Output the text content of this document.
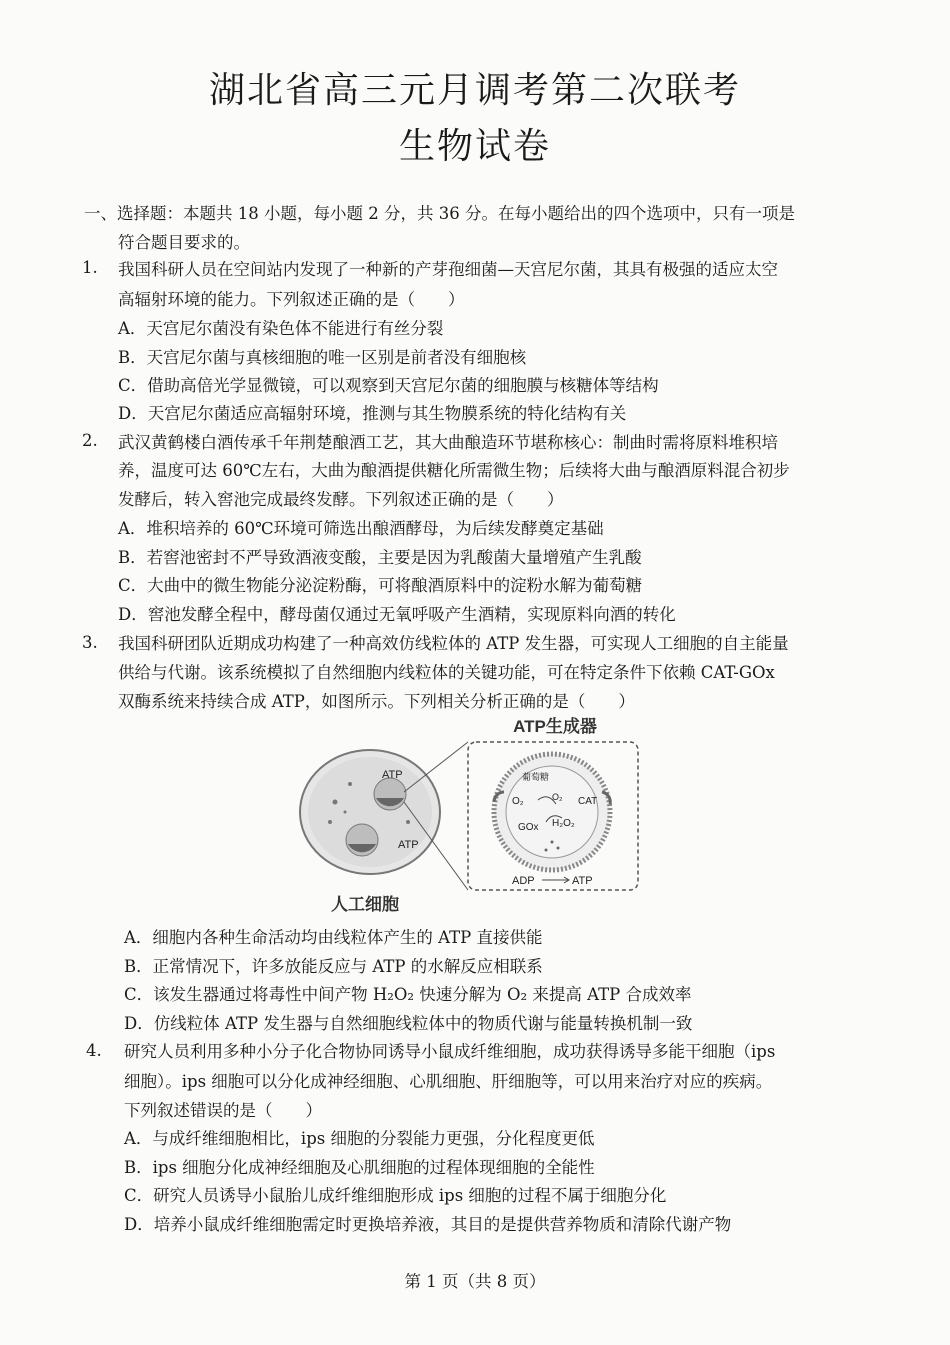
湖北省高三元月调考第二次联考
生物试卷
一、选择题：本题共 18 小题，每小题 2 分，共 36 分。在每小题给出的四个选项中，只有一项是
符合题目要求的。
1. 我国科研人员在空间站内发现了一种新的产芽孢细菌—天宫尼尔菌，其具有极强的适应太空
高辐射环境的能力。下列叙述正确的是（　　）
A．天宫尼尔菌没有染色体不能进行有丝分裂
B．天宫尼尔菌与真核细胞的唯一区别是前者没有细胞核
C．借助高倍光学显微镜，可以观察到天宫尼尔菌的细胞膜与核糖体等结构
D．天宫尼尔菌适应高辐射环境，推测与其生物膜系统的特化结构有关
2. 武汉黄鹤楼白酒传承千年荆楚酿酒工艺，其大曲酿造环节堪称核心：制曲时需将原料堆积培
养，温度可达 60℃左右，大曲为酿酒提供糖化所需微生物；后续将大曲与酿酒原料混合初步
发酵后，转入窖池完成最终发酵。下列叙述正确的是（　　）
A．堆积培养的 60℃环境可筛选出酿酒酵母，为后续发酵奠定基础
B．若窖池密封不严导致酒液变酸，主要是因为乳酸菌大量增殖产生乳酸
C．大曲中的微生物能分泌淀粉酶，可将酿酒原料中的淀粉水解为葡萄糖
D．窖池发酵全程中，酵母菌仅通过无氧呼吸产生酒精，实现原料向酒的转化
3. 我国科研团队近期成功构建了一种高效仿线粒体的 ATP 发生器，可实现人工细胞的自主能量
供给与代谢。该系统模拟了自然细胞内线粒体的关键功能，可在特定条件下依赖 CAT-GOx
双酶系统来持续合成 ATP，如图所示。下列相关分析正确的是（　　）
ATP生成器
ATP
ATP
人工细胞
葡萄糖
O₂	O₂ CAT
GOx H₂O₂
ADP	ATP
A．细胞内各种生命活动均由线粒体产生的 ATP 直接供能
B．正常情况下，许多放能反应与 ATP 的水解反应相联系
C．该发生器通过将毒性中间产物 H₂O₂ 快速分解为 O₂ 来提高 ATP 合成效率
D．仿线粒体 ATP 发生器与自然细胞线粒体中的物质代谢与能量转换机制一致
4. 研究人员利用多种小分子化合物协同诱导小鼠成纤维细胞，成功获得诱导多能干细胞（ips
细胞）。ips 细胞可以分化成神经细胞、心肌细胞、肝细胞等，可以用来治疗对应的疾病。
下列叙述错误的是（　　）
A．与成纤维细胞相比，ips 细胞的分裂能力更强，分化程度更低
B．ips 细胞分化成神经细胞及心肌细胞的过程体现细胞的全能性
C．研究人员诱导小鼠胎儿成纤维细胞形成 ips 细胞的过程不属于细胞分化
D．培养小鼠成纤维细胞需定时更换培养液，其目的是提供营养物质和清除代谢产物
第 1 页（共 8 页）
